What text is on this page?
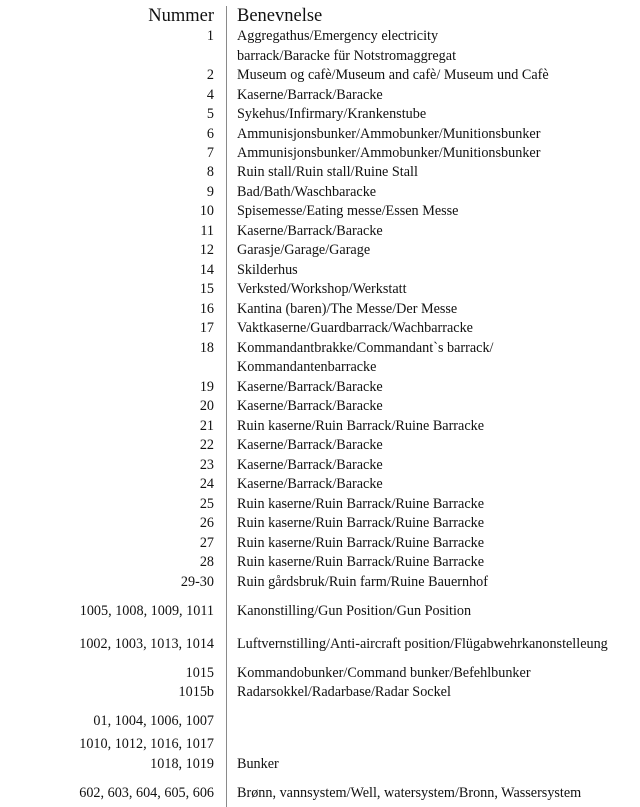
Nummer Benevnelse
1 Aggregathus/Emergency electricity
barrack/Baracke für Notstromaggregat
2 Museum og cafè/Museum and cafè/ Museum und Cafè
4 Kaserne/Barrack/Baracke
5 Sykehus/Infirmary/Krankenstube
6 Ammunisjonsbunker/Ammobunker/Munitionsbunker
7 Ammunisjonsbunker/Ammobunker/Munitionsbunker
8 Ruin stall/Ruin stall/Ruine Stall
9 Bad/Bath/Waschbaracke
10 Spisemesse/Eating messe/Essen Messe
11 Kaserne/Barrack/Baracke
12 Garasje/Garage/Garage
14 Skilderhus
15 Verksted/Workshop/Werkstatt
16 Kantina (baren)/The Messe/Der Messe
17 Vaktkaserne/Guardbarrack/Wachbarracke
18 Kommandantbrakke/Commandant`s barrack/
Kommandantenbarracke
19 Kaserne/Barrack/Baracke
20 Kaserne/Barrack/Baracke
21 Ruin kaserne/Ruin Barrack/Ruine Barracke
22 Kaserne/Barrack/Baracke
23 Kaserne/Barrack/Baracke
24 Kaserne/Barrack/Baracke
25 Ruin kaserne/Ruin Barrack/Ruine Barracke
26 Ruin kaserne/Ruin Barrack/Ruine Barracke
27 Ruin kaserne/Ruin Barrack/Ruine Barracke
28 Ruin kaserne/Ruin Barrack/Ruine Barracke
29-30 Ruin gårdsbruk/Ruin farm/Ruine Bauernhof
1005, 1008, 1009, 1011 Kanonstilling/Gun Position/Gun Position
1002, 1003, 1013, 1014 Luftvernstilling/Anti-aircraft position/Flügabwehrkanonstelleung
1015 Kommandobunker/Command bunker/Befehlbunker
1015b Radarsokkel/Radarbase/Radar Sockel
01, 1004, 1006, 1007
1010, 1012, 1016, 1017
1018, 1019 Bunker
602, 603, 604, 605, 606 Brønn, vannsystem/Well, watersystem/Bronn, Wassersystem
